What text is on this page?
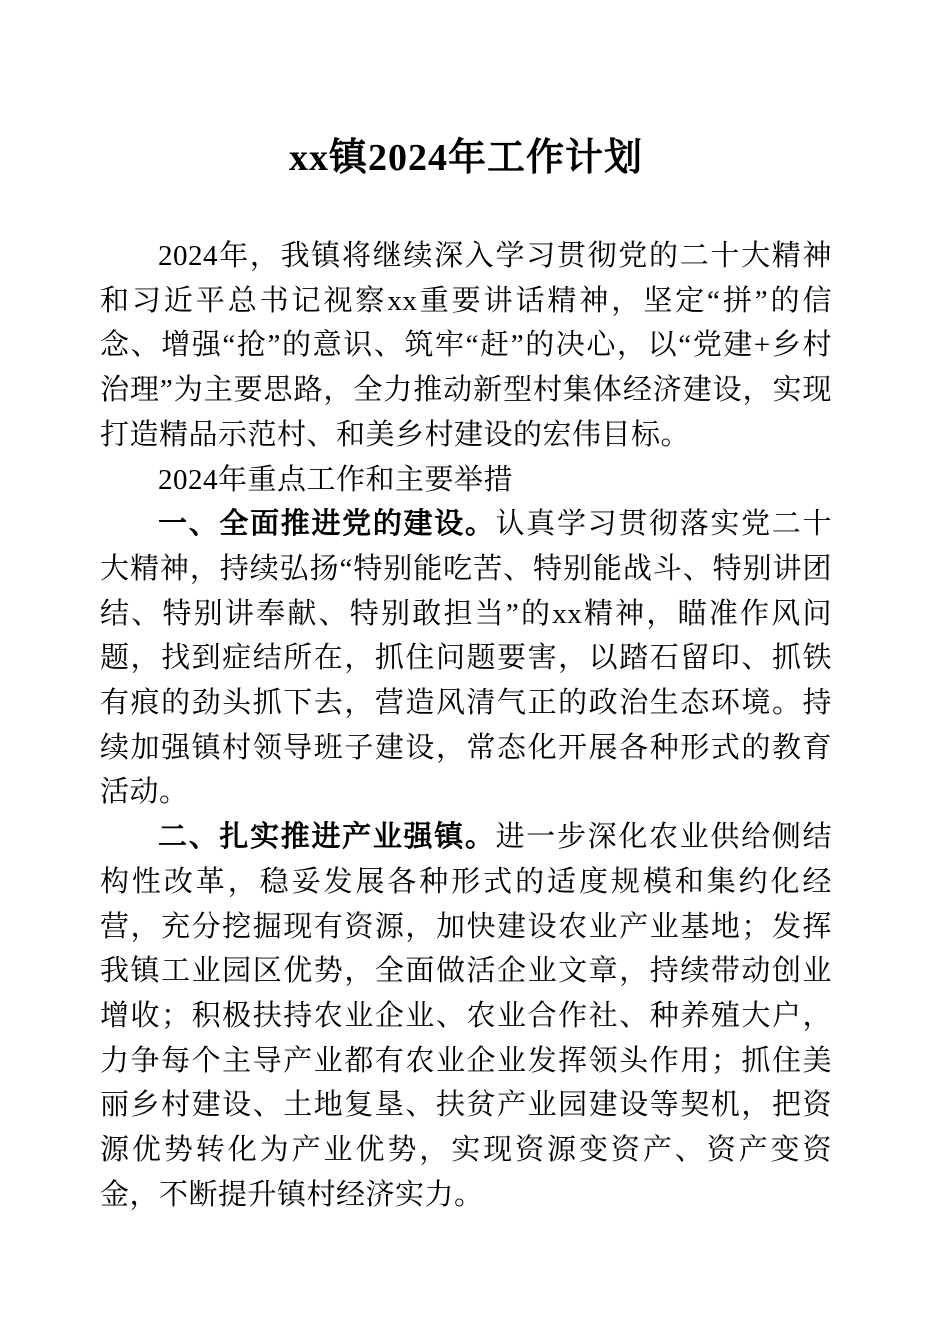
xx镇2024年工作计划

2024年，我镇将继续深入学习贯彻党的二十大精神和习近平总书记视察xx重要讲话精神，坚定“拼”的信念、增强“抢”的意识、筑牢“赶”的决心，以“党建+乡村治理”为主要思路，全力推动新型村集体经济建设，实现打造精品示范村、和美乡村建设的宏伟目标。

2024年重点工作和主要举措

一、全面推进党的建设。认真学习贯彻落实党二十大精神，持续弘扬“特别能吃苦、特别能战斗、特别讲团结、特别讲奉献、特别敢担当”的xx精神，瞄准作风问题，找到症结所在，抓住问题要害，以踏石留印、抓铁有痕的劲头抓下去，营造风清气正的政治生态环境。持续加强镇村领导班子建设，常态化开展各种形式的教育活动。

二、扎实推进产业强镇。进一步深化农业供给侧结构性改革，稳妥发展各种形式的适度规模和集约化经营，充分挖掘现有资源，加快建设农业产业基地；发挥我镇工业园区优势，全面做活企业文章，持续带动创业增收；积极扶持农业企业、农业合作社、种养殖大户，力争每个主导产业都有农业企业发挥领头作用；抓住美丽乡村建设、土地复垦、扶贫产业园建设等契机，把资源优势转化为产业优势，实现资源变资产、资产变资金，不断提升镇村经济实力。
